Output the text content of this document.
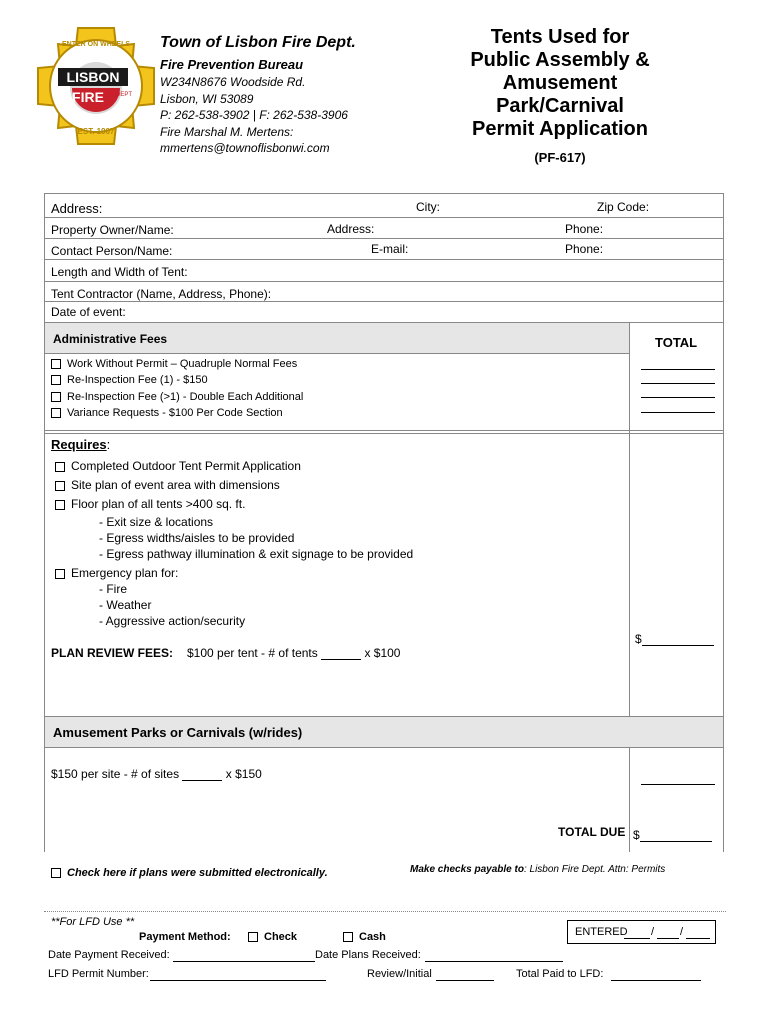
LISBON
FIRE
ENTER ON WHEELS
DEPT
EST. 1967
Town of Lisbon Fire Dept.
Fire Prevention Bureau
W234N8676 Woodside Rd.
Lisbon, WI 53089
P: 262-538-3902 | F: 262-538-3906
Fire Marshal M. Mertens:
mmertens@townoflisbonwi.com
Tents Used for
Public Assembly &
Amusement
Park/Carnival
Permit Application
(PF-617)
Address:	City:	Zip Code:
Property Owner/Name:	Address:	Phone:
Contact Person/Name:	E-mail:	Phone:
Length and Width of Tent:
Tent Contractor (Name, Address, Phone):
Date of event:
Administrative Fees	TOTAL
Work Without Permit – Quadruple Normal Fees
Re-Inspection Fee (1) - $150
Re-Inspection Fee (>1) - Double Each Additional
Variance Requests - $100 Per Code Section
Requires:
Completed Outdoor Tent Permit Application
Site plan of event area with dimensions
Floor plan of all tents >400 sq. ft.
- Exit size & locations
- Egress widths/aisles to be provided
- Egress pathway illumination & exit signage to be provided
Emergency plan for:
- Fire
- Weather
- Aggressive action/security
PLAN REVIEW FEES: $100 per tent - # of tents	x $100
$
Amusement Parks or Carnivals (w/rides)
$150 per site - # of sites	x $150
TOTAL DUE $
Check here if plans were submitted electronically.	Make checks payable to: Lisbon Fire Dept. Attn: Permits
**For LFD Use **
ENTERED / /
Payment Method:	Check	Cash
Date Payment Received:	Date Plans Received:
LFD Permit Number:	Review/Initial	Total Paid to LFD:
